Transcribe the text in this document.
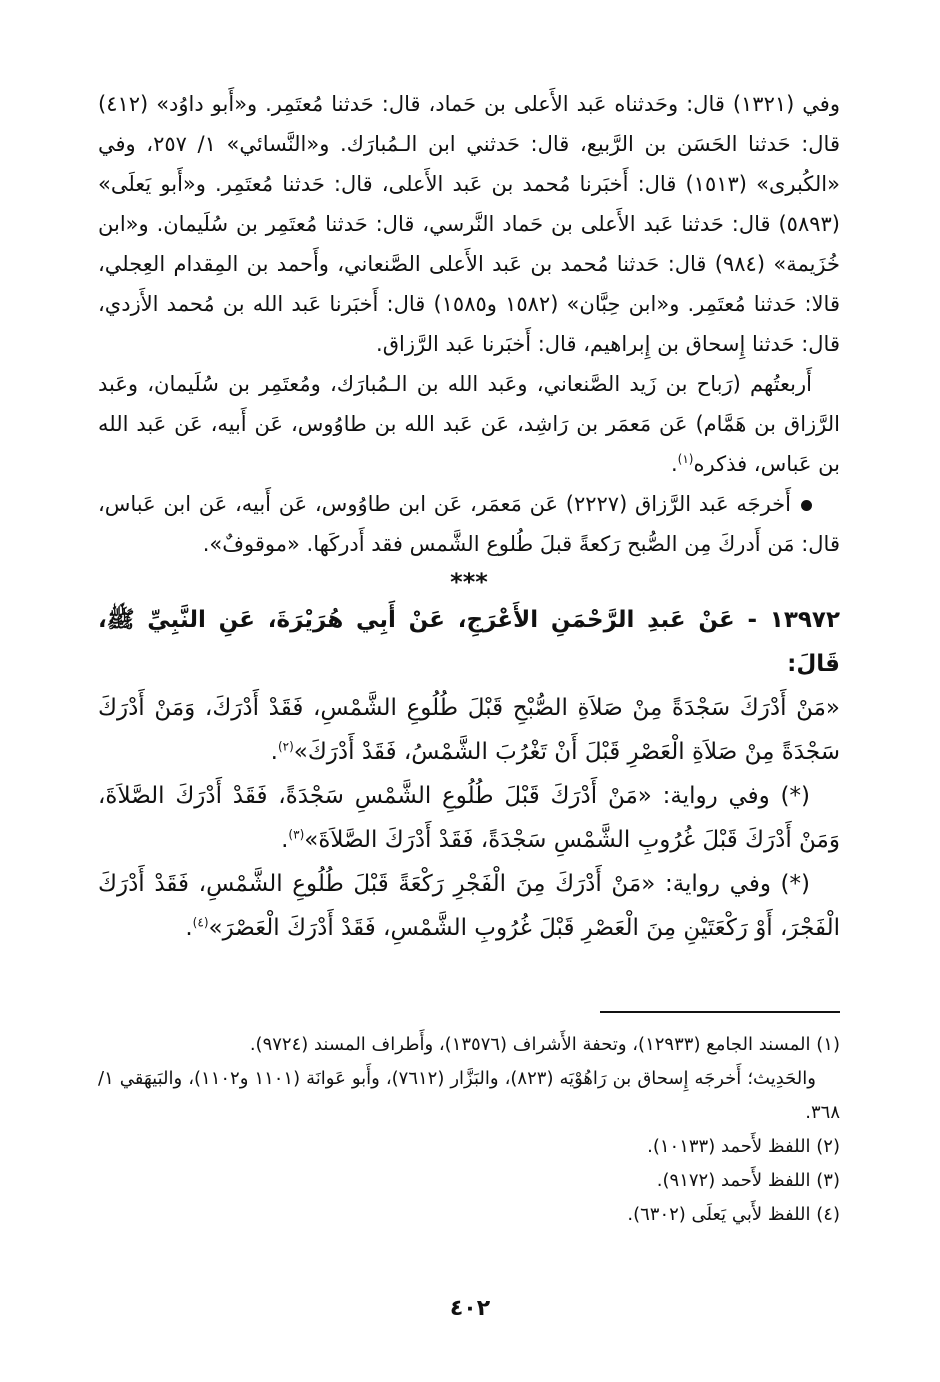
وفي (١٣٢١) قال: وحَدثناه عَبد الأَعلى بن حَماد، قال: حَدثنا مُعتَمِر. و«أَبو داوُد» (٤١٢) قال: حَدثنا الحَسَن بن الرَّبيع، قال: حَدثني ابن الـمُبارَك. و«النَّسائي» ١/ ٢٥٧، وفي «الكُبرى» (١٥١٣) قال: أَخبَرنا مُحمد بن عَبد الأَعلى، قال: حَدثنا مُعتَمِر. و«أَبو يَعلَى» (٥٨٩٣) قال: حَدثنا عَبد الأَعلى بن حَماد النَّرسي، قال: حَدثنا مُعتَمِر بن سُلَيمان. و«ابن خُزَيمة» (٩٨٤) قال: حَدثنا مُحمد بن عَبد الأَعلى الصَّنعاني، وأَحمد بن المِقدام العِجلي، قالا: حَدثنا مُعتَمِر. و«ابن حِبَّان» (١٥٨٢ و١٥٨٥) قال: أَخبَرنا عَبد الله بن مُحمد الأَزدي، قال: حَدثنا إِسحاق بن إِبراهيم، قال: أَخبَرنا عَبد الرَّزاق.

أَربعتُهم (رَباح بن زَيد الصَّنعاني، وعَبد الله بن الـمُبارَك، ومُعتَمِر بن سُلَيمان، وعَبد الرَّزاق بن هَمَّام) عَن مَعمَر بن رَاشِد، عَن عَبد الله بن طاوُوس، عَن أَبيه، عَن عَبد الله بن عَباس، فذكره$^{(١)}$.

أَخرجَه عَبد الرَّزاق (٢٢٢٧) عَن مَعمَر، عَن ابن طاوُوس، عَن أَبيه، عَن ابن عَباس، قال: مَن أَدركَ مِن الصُّبح رَكعةً قبلَ طُلوع الشَّمس فقد أَدركَها. «موقوفٌ».

***

١٣٩٧٢ - عَنْ عَبدِ الرَّحْمَنِ الأَعْرَجِ، عَنْ أَبِي هُرَيْرَةَ، عَنِ النَّبِيِّ ﷺ، قَالَ:

«مَنْ أَدْرَكَ سَجْدَةً مِنْ صَلاَةِ الصُّبْحِ قَبْلَ طُلُوعِ الشَّمْسِ، فَقَدْ أَدْرَكَ، وَمَنْ أَدْرَكَ سَجْدَةً مِنْ صَلاَةِ الْعَصْرِ قَبْلَ أَنْ تَغْرُبَ الشَّمْسُ، فَقَدْ أَدْرَكَ»$^{(٢)}$.

(*) وفي رواية: «مَنْ أَدْرَكَ قَبْلَ طُلُوعِ الشَّمْسِ سَجْدَةً، فَقَدْ أَدْرَكَ الصَّلاَةَ، وَمَنْ أَدْرَكَ قَبْلَ غُرُوبِ الشَّمْسِ سَجْدَةً، فَقَدْ أَدْرَكَ الصَّلاَةَ»$^{(٣)}$.

(*) وفي رواية: «مَنْ أَدْرَكَ مِنَ الْفَجْرِ رَكْعَةً قَبْلَ طُلُوعِ الشَّمْسِ، فَقَدْ أَدْرَكَ الْفَجْرَ، أَوْ رَكْعَتَيْنِ مِنَ الْعَصْرِ قَبْلَ غُرُوبِ الشَّمْسِ، فَقَدْ أَدْرَكَ الْعَصْرَ»$^{(٤)}$.

(١) المسند الجامع (١٢٩٣٣)، وتحفة الأَشراف (١٣٥٧٦)، وأَطراف المسند (٩٧٢٤).

والحَدِيث؛ أَخرجَه إِسحاق بن رَاهُوْيَه (٨٢٣)، والبَزَّار (٧٦١٢)، وأَبو عَوانَة (١١٠١ و١١٠٢)، والبَيهَقي ١/ ٣٦٨.

(٢) اللفظ لأَحمد (١٠١٣٣).

(٣) اللفظ لأَحمد (٩١٧٢).

(٤) اللفظ لأَبي يَعلَى (٦٣٠٢).

٤٠٢
